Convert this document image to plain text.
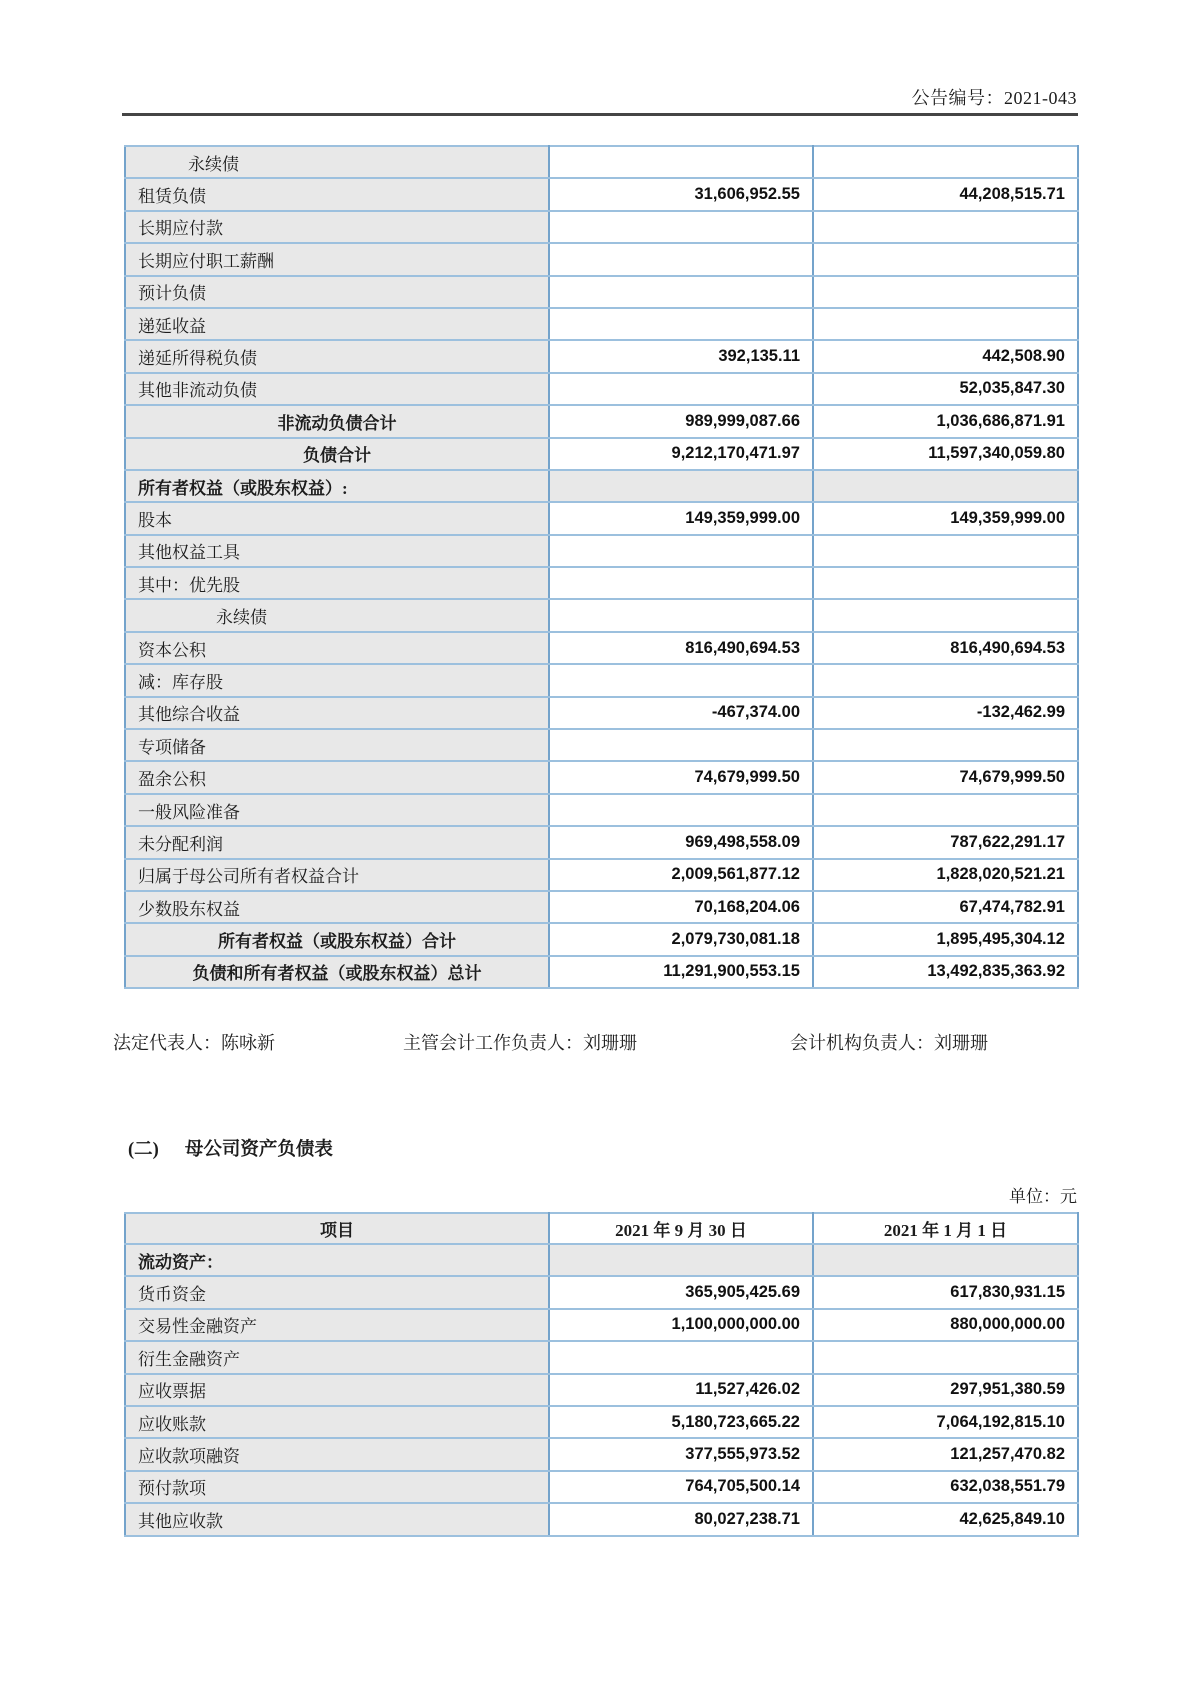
公告编号：2021-043
永续债		
租赁负债	31,606,952.55	44,208,515.71
长期应付款		
长期应付职工薪酬		
预计负债		
递延收益		
递延所得税负债	392,135.11	442,508.90
其他非流动负债		52,035,847.30
非流动负债合计	989,999,087.66	1,036,686,871.91
负债合计	9,212,170,471.97	11,597,340,059.80
所有者权益（或股东权益）:		
股本	149,359,999.00	149,359,999.00
其他权益工具		
其中：优先股		
永续债		
资本公积	816,490,694.53	816,490,694.53
减：库存股		
其他综合收益	-467,374.00	-132,462.99
专项储备		
盈余公积	74,679,999.50	74,679,999.50
一般风险准备		
未分配利润	969,498,558.09	787,622,291.17
归属于母公司所有者权益合计	2,009,561,877.12	1,828,020,521.21
少数股东权益	70,168,204.06	67,474,782.91
所有者权益（或股东权益）合计	2,079,730,081.18	1,895,495,304.12
负债和所有者权益（或股东权益）总计	11,291,900,553.15	13,492,835,363.92
法定代表人：陈咏新	主管会计工作负责人：刘珊珊	会计机构负责人：刘珊珊
(二) 母公司资产负债表
单位：元
项目	2021 年 9 月 30 日	2021 年 1 月 1 日
流动资产：		
货币资金	365,905,425.69	617,830,931.15
交易性金融资产	1,100,000,000.00	880,000,000.00
衍生金融资产		
应收票据	11,527,426.02	297,951,380.59
应收账款	5,180,723,665.22	7,064,192,815.10
应收款项融资	377,555,973.52	121,257,470.82
预付款项	764,705,500.14	632,038,551.79
其他应收款	80,027,238.71	42,625,849.10
